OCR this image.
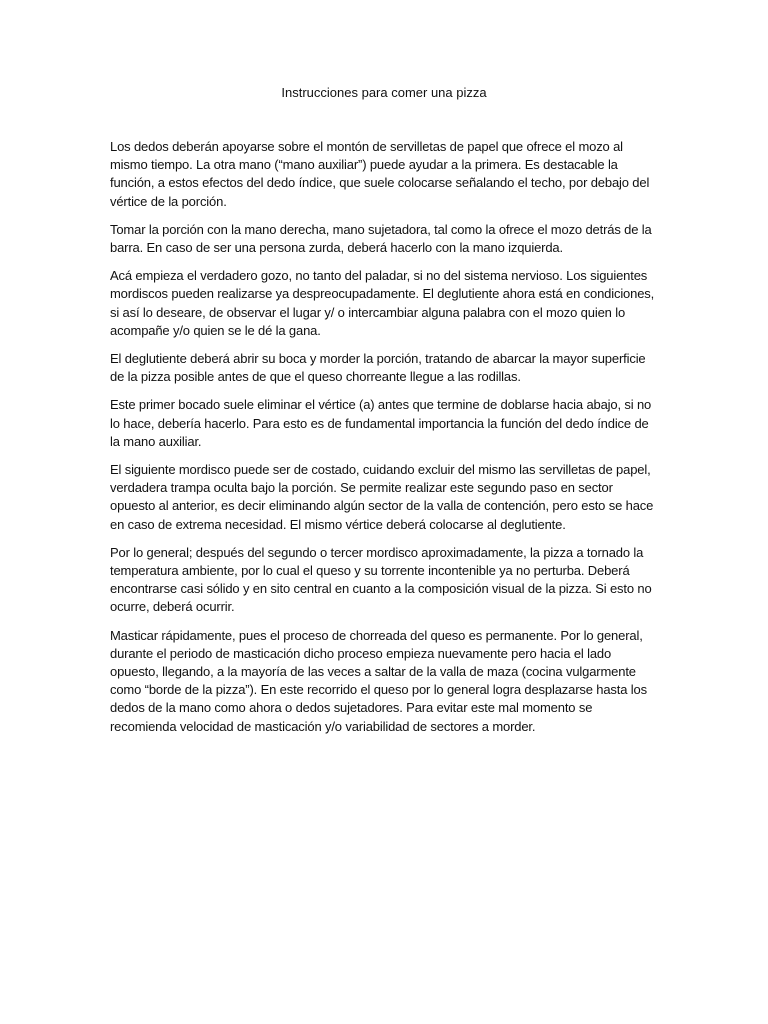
Instrucciones para comer una pizza

Los dedos deberán apoyarse sobre el montón de servilletas de papel que ofrece el mozo al mismo tiempo. La otra mano (“mano auxiliar”) puede ayudar a la primera. Es destacable la función, a estos efectos del dedo índice, que suele colocarse señalando el techo, por debajo del vértice de la porción.

Tomar la porción con la mano derecha, mano sujetadora, tal como la ofrece el mozo detrás de la barra. En caso de ser una persona zurda, deberá hacerlo con la mano izquierda.

Acá empieza el verdadero gozo, no tanto del paladar, si no del sistema nervioso. Los siguientes mordiscos pueden realizarse ya despreocupadamente. El deglutiente ahora está en condiciones, si así lo deseare, de observar el lugar y/ o intercambiar alguna palabra con el mozo quien lo acompañe y/o quien se le dé la gana.

El deglutiente deberá abrir su boca y morder la porción, tratando de abarcar la mayor superficie de la pizza posible antes de que el queso chorreante llegue a las rodillas.

Este primer bocado suele eliminar el vértice (a) antes que termine de doblarse hacia abajo, si no lo hace, debería hacerlo. Para esto es de fundamental importancia la función del dedo índice de la mano auxiliar.

El siguiente mordisco puede ser de costado, cuidando excluir del mismo las servilletas de papel, verdadera trampa oculta bajo la porción. Se permite realizar este segundo paso en sector opuesto al anterior, es decir eliminando algún sector de la valla de contención, pero esto se hace en caso de extrema necesidad. El mismo vértice deberá colocarse al deglutiente.

Por lo general; después del segundo o tercer mordisco aproximadamente, la pizza a tornado la temperatura ambiente, por lo cual el queso y su torrente incontenible ya no perturba. Deberá encontrarse casi sólido y en sito central en cuanto a la composición visual de la pizza. Si esto no ocurre, deberá ocurrir.

Masticar rápidamente, pues el proceso de chorreada del queso es permanente. Por lo general, durante el periodo de masticación dicho proceso empieza nuevamente pero hacia el lado opuesto, llegando, a la mayoría de las veces a saltar de la valla de maza (cocina vulgarmente como “borde de la pizza”). En este recorrido el queso por lo general logra desplazarse hasta los dedos de la mano como ahora o dedos sujetadores. Para evitar este mal momento se recomienda velocidad de masticación y/o variabilidad de sectores a morder.
